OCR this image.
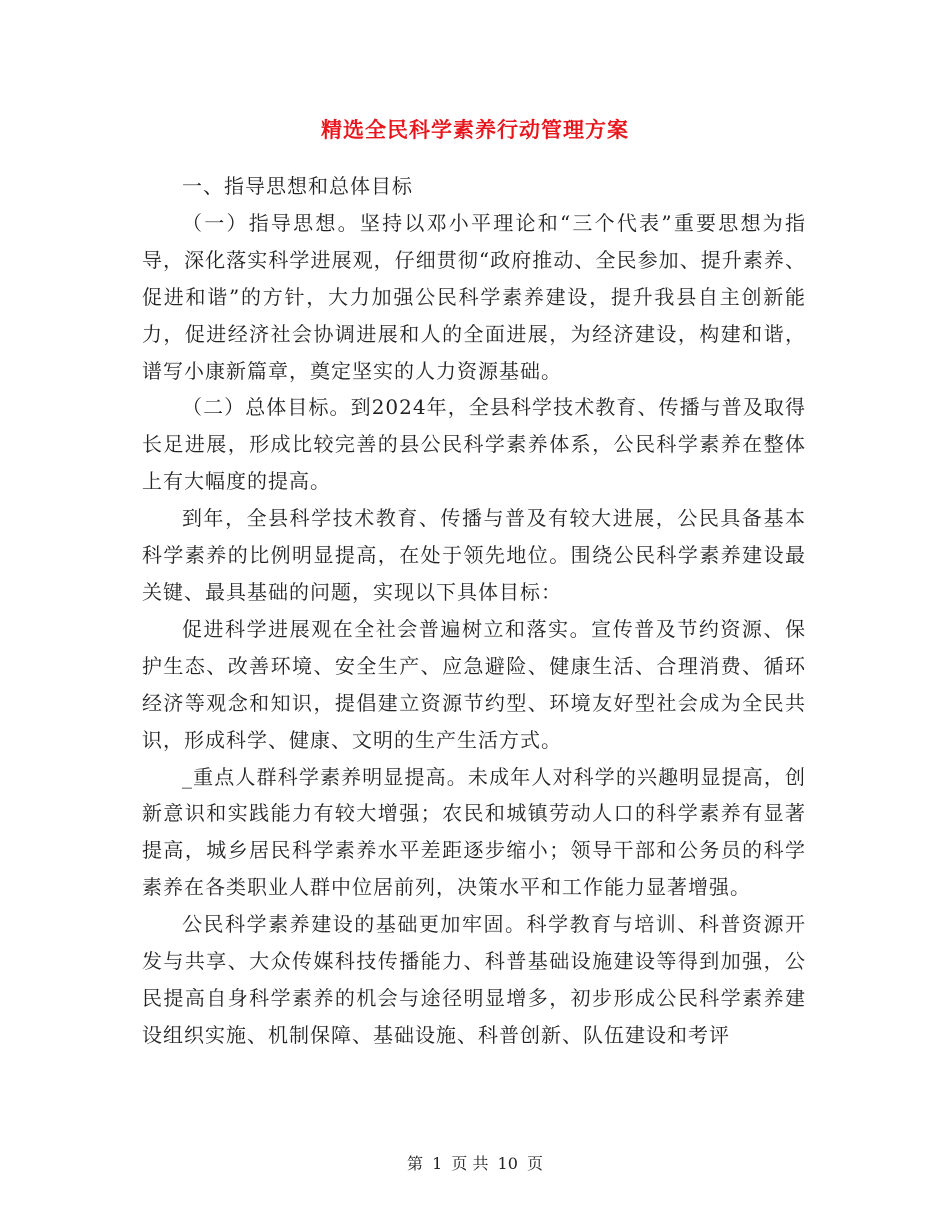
精选全民科学素养行动管理方案

一、指导思想和总体目标

（一）指导思想。坚持以邓小平理论和“三个代表”重要思想为指导，深化落实科学进展观，仔细贯彻“政府推动、全民参加、提升素养、促进和谐”的方针，大力加强公民科学素养建设，提升我县自主创新能力，促进经济社会协调进展和人的全面进展，为经济建设，构建和谐，谱写小康新篇章，奠定坚实的人力资源基础。

（二）总体目标。到2024年，全县科学技术教育、传播与普及取得长足进展，形成比较完善的县公民科学素养体系，公民科学素养在整体上有大幅度的提高。

到年，全县科学技术教育、传播与普及有较大进展，公民具备基本科学素养的比例明显提高，在处于领先地位。围绕公民科学素养建设最关键、最具基础的问题，实现以下具体目标：

促进科学进展观在全社会普遍树立和落实。宣传普及节约资源、保护生态、改善环境、安全生产、应急避险、健康生活、合理消费、循环经济等观念和知识，提倡建立资源节约型、环境友好型社会成为全民共识，形成科学、健康、文明的生产生活方式。

_重点人群科学素养明显提高。未成年人对科学的兴趣明显提高，创新意识和实践能力有较大增强；农民和城镇劳动人口的科学素养有显著提高，城乡居民科学素养水平差距逐步缩小；领导干部和公务员的科学素养在各类职业人群中位居前列，决策水平和工作能力显著增强。

公民科学素养建设的基础更加牢固。科学教育与培训、科普资源开发与共享、大众传媒科技传播能力、科普基础设施建设等得到加强，公民提高自身科学素养的机会与途径明显增多，初步形成公民科学素养建设组织实施、机制保障、基础设施、科普创新、队伍建设和考评

第 1 页 共 10 页
